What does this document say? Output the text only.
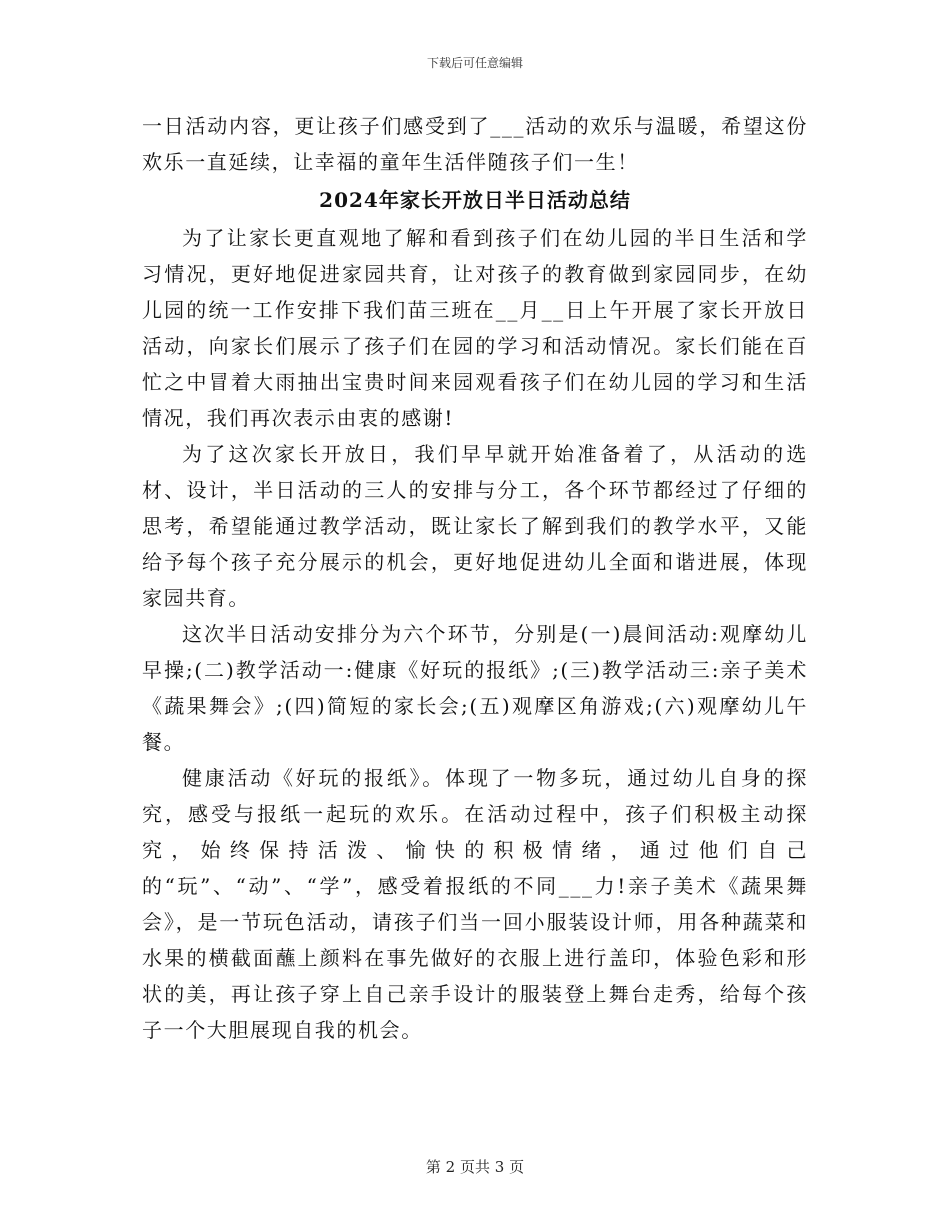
下载后可任意编辑

一日活动内容，更让孩子们感受到了___活动的欢乐与温暖，希望这份欢乐一直延续，让幸福的童年生活伴随孩子们一生！

2024年家长开放日半日活动总结

为了让家长更直观地了解和看到孩子们在幼儿园的半日生活和学习情况，更好地促进家园共育，让对孩子的教育做到家园同步，在幼儿园的统一工作安排下我们苗三班在__月__日上午开展了家长开放日活动，向家长们展示了孩子们在园的学习和活动情况。家长们能在百忙之中冒着大雨抽出宝贵时间来园观看孩子们在幼儿园的学习和生活情况，我们再次表示由衷的感谢!

为了这次家长开放日，我们早早就开始准备着了，从活动的选材、设计，半日活动的三人的安排与分工，各个环节都经过了仔细的思考，希望能通过教学活动，既让家长了解到我们的教学水平，又能给予每个孩子充分展示的机会，更好地促进幼儿全面和谐进展，体现家园共育。

这次半日活动安排分为六个环节，分别是(一)晨间活动:观摩幼儿早操;(二)教学活动一:健康《好玩的报纸》;(三)教学活动三:亲子美术《蔬果舞会》;(四)简短的家长会;(五)观摩区角游戏;(六)观摩幼儿午餐。

健康活动《好玩的报纸》。体现了一物多玩，通过幼儿自身的探究，感受与报纸一起玩的欢乐。在活动过程中，孩子们积极主动探究，始终保持活泼、愉快的积极情绪，通过他们自己的“玩”、“动”、“学”，感受着报纸的不同___力!亲子美术《蔬果舞会》，是一节玩色活动，请孩子们当一回小服装设计师，用各种蔬菜和水果的横截面蘸上颜料在事先做好的衣服上进行盖印，体验色彩和形状的美，再让孩子穿上自己亲手设计的服装登上舞台走秀，给每个孩子一个大胆展现自我的机会。

第 2 页共 3 页
